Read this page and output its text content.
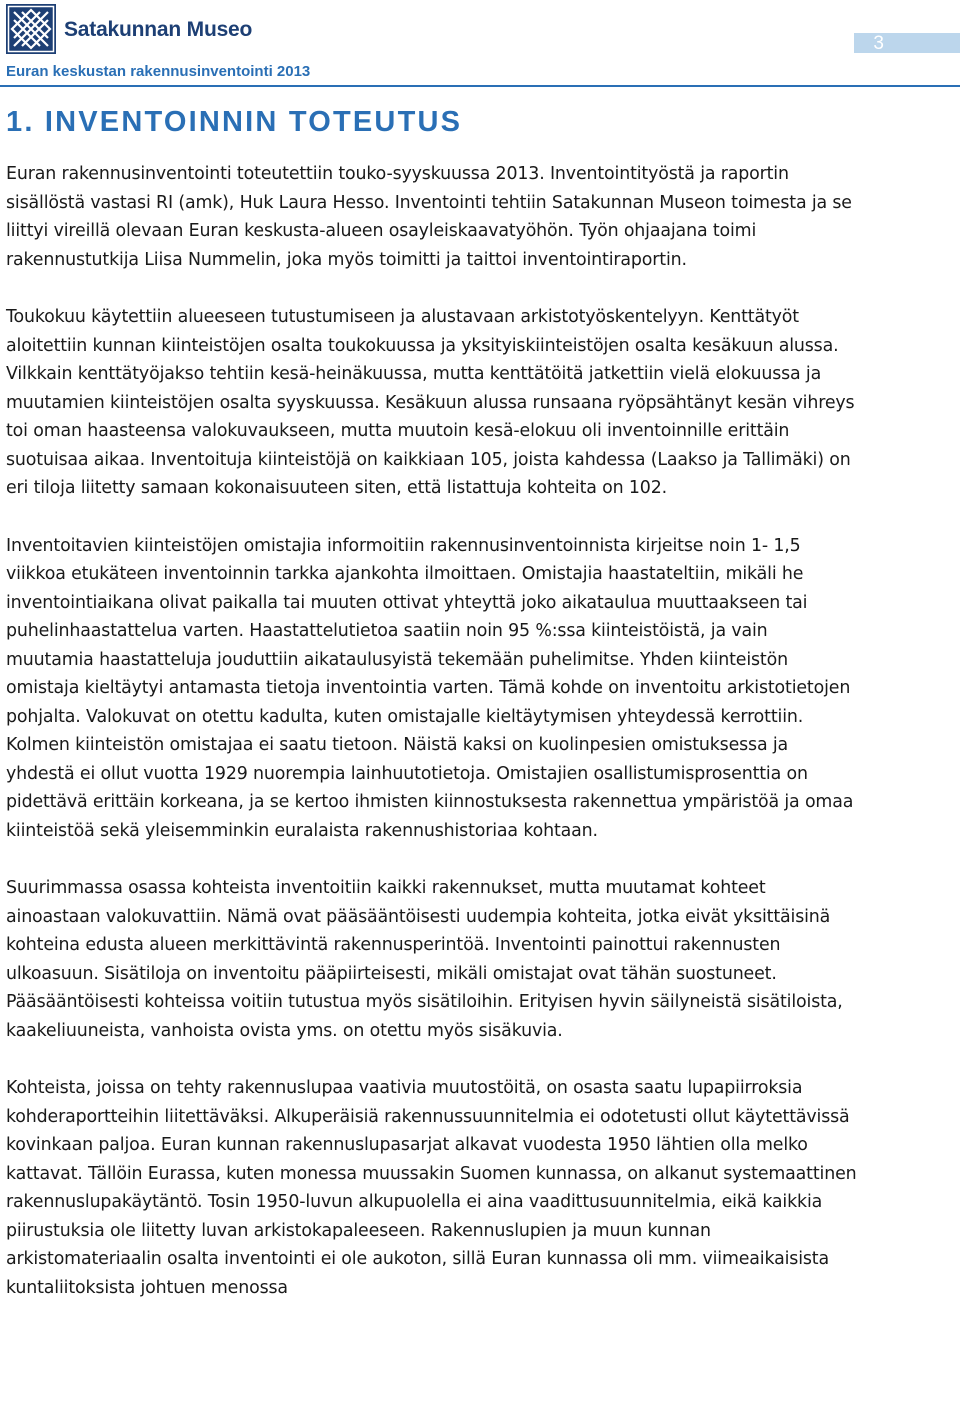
Satakunnan Museo
Euran keskustan rakennusinventointi 2013
3
1. INVENTOINNIN TOTEUTUS

Euran rakennusinventointi toteutettiin touko-syyskuussa 2013. Inventointityöstä ja raportin sisällöstä vastasi RI (amk), Huk Laura Hesso. Inventointi tehtiin Satakunnan Museon toimesta ja se liittyi vireillä olevaan Euran keskusta-alueen osayleiskaavatyöhön. Työn ohjaajana toimi rakennustutkija Liisa Nummelin, joka myös toimitti ja taittoi inventointiraportin.

Toukokuu käytettiin alueeseen tutustumiseen ja alustavaan arkistotyöskentelyyn. Kenttätyöt aloitettiin kunnan kiinteistöjen osalta toukokuussa ja yksityiskiinteistöjen osalta kesäkuun alussa. Vilkkain kenttätyöjakso tehtiin kesä-heinäkuussa, mutta kenttätöitä jatkettiin vielä elokuussa ja muutamien kiinteistöjen osalta syyskuussa. Kesäkuun alussa runsaana ryöpsähtänyt kesän vihreys toi oman haasteensa valokuvaukseen, mutta muutoin kesä-elokuu oli inventoinnille erittäin suotuisaa aikaa. Inventoituja kiinteistöjä on kaikkiaan 105, joista kahdessa (Laakso ja Tallimäki) on eri tiloja liitetty samaan kokonaisuuteen siten, että listattuja kohteita on 102.

Inventoitavien kiinteistöjen omistajia informoitiin rakennusinventoinnista kirjeitse noin 1- 1,5 viikkoa etukäteen inventoinnin tarkka ajankohta ilmoittaen. Omistajia haastateltiin, mikäli he inventointiaikana olivat paikalla tai muuten ottivat yhteyttä joko aikataulua muuttaakseen tai puhelinhaastattelua varten. Haastattelutietoa saatiin noin 95 %:ssa kiinteistöistä, ja vain muutamia haastatteluja jouduttiin aikataulusyistä tekemään puhelimitse. Yhden kiinteistön omistaja kieltäytyi antamasta tietoja inventointia varten. Tämä kohde on inventoitu arkistotietojen pohjalta. Valokuvat on otettu kadulta, kuten omistajalle kieltäytymisen yhteydessä kerrottiin. Kolmen kiinteistön omistajaa ei saatu tietoon. Näistä kaksi on kuolinpesien omistuksessa ja yhdestä ei ollut vuotta 1929 nuorempia lainhuutotietoja. Omistajien osallistumisprosenttia on pidettävä erittäin korkeana, ja se kertoo ihmisten kiinnostuksesta rakennettua ympäristöä ja omaa kiinteistöä sekä yleisemminkin euralaista rakennushistoriaa kohtaan.

Suurimmassa osassa kohteista inventoitiin kaikki rakennukset, mutta muutamat kohteet ainoastaan valokuvattiin. Nämä ovat pääsääntöisesti uudempia kohteita, jotka eivät yksittäisinä kohteina edusta alueen merkittävintä rakennusperintöä. Inventointi painottui rakennusten ulkoasuun. Sisätiloja on inventoitu pääpiirteisesti, mikäli omistajat ovat tähän suostuneet. Pääsääntöisesti kohteissa voitiin tutustua myös sisätiloihin. Erityisen hyvin säilyneistä sisätiloista, kaakeliuuneista, vanhoista ovista yms. on otettu myös sisäkuvia.

Kohteista, joissa on tehty rakennuslupaa vaativia muutostöitä, on osasta saatu lupapiirroksia kohderaportteihin liitettäväksi. Alkuperäisiä rakennussuunnitelmia ei odotetusti ollut käytettävissä kovinkaan paljoa. Euran kunnan rakennuslupasarjat alkavat vuodesta 1950 lähtien olla melko kattavat. Tällöin Eurassa, kuten monessa muussakin Suomen kunnassa, on alkanut systemaattinen rakennuslupakäytäntö. Tosin 1950-luvun alkupuolella ei aina vaadittusuunnitelmia, eikä kaikkia piirustuksia ole liitetty luvan arkistokapaleeseen. Rakennuslupien ja muun kunnan arkistomateriaalin osalta inventointi ei ole aukoton, sillä Euran kunnassa oli mm. viimeaikaisista kuntaliitoksista johtuen menossa
